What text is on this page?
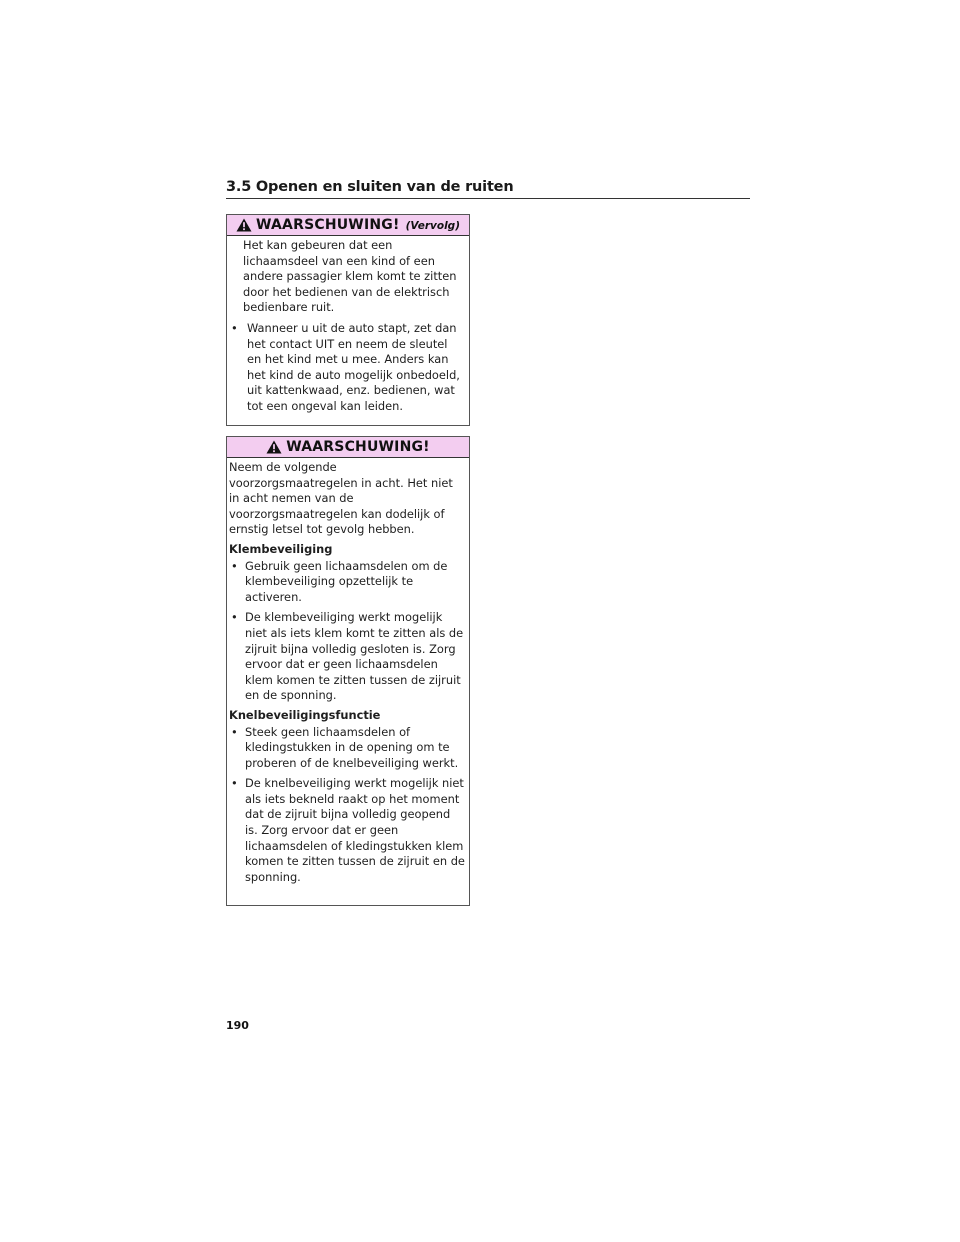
3.5 Openen en sluiten van de ruiten
WAARSCHUWING! (Vervolg)

Het kan gebeuren dat een lichaamsdeel van een kind of een andere passagier klem komt te zitten door het bedienen van de elektrisch bedienbare ruit.

• Wanneer u uit de auto stapt, zet dan het contact UIT en neem de sleutel en het kind met u mee. Anders kan het kind de auto mogelijk onbedoeld, uit kattenkwaad, enz. bedienen, wat tot een ongeval kan leiden.
WAARSCHUWING!

Neem de volgende voorzorgsmaatregelen in acht. Het niet in acht nemen van de voorzorgsmaatregelen kan dodelijk of ernstig letsel tot gevolg hebben.

Klembeveiliging

• Gebruik geen lichaamsdelen om de klembeveiliging opzettelijk te activeren.
• De klembeveiliging werkt mogelijk niet als iets klem komt te zitten als de zijruit bijna volledig gesloten is. Zorg ervoor dat er geen lichaamsdelen klem komen te zitten tussen de zijruit en de sponning.

Knelbeveiligingsfunctie

• Steek geen lichaamsdelen of kledingstukken in de opening om te proberen of de knelbeveiliging werkt.
• De knelbeveiliging werkt mogelijk niet als iets bekneld raakt op het moment dat de zijruit bijna volledig geopend is. Zorg ervoor dat er geen lichaamsdelen of kledingstukken klem komen te zitten tussen de zijruit en de sponning.
190
